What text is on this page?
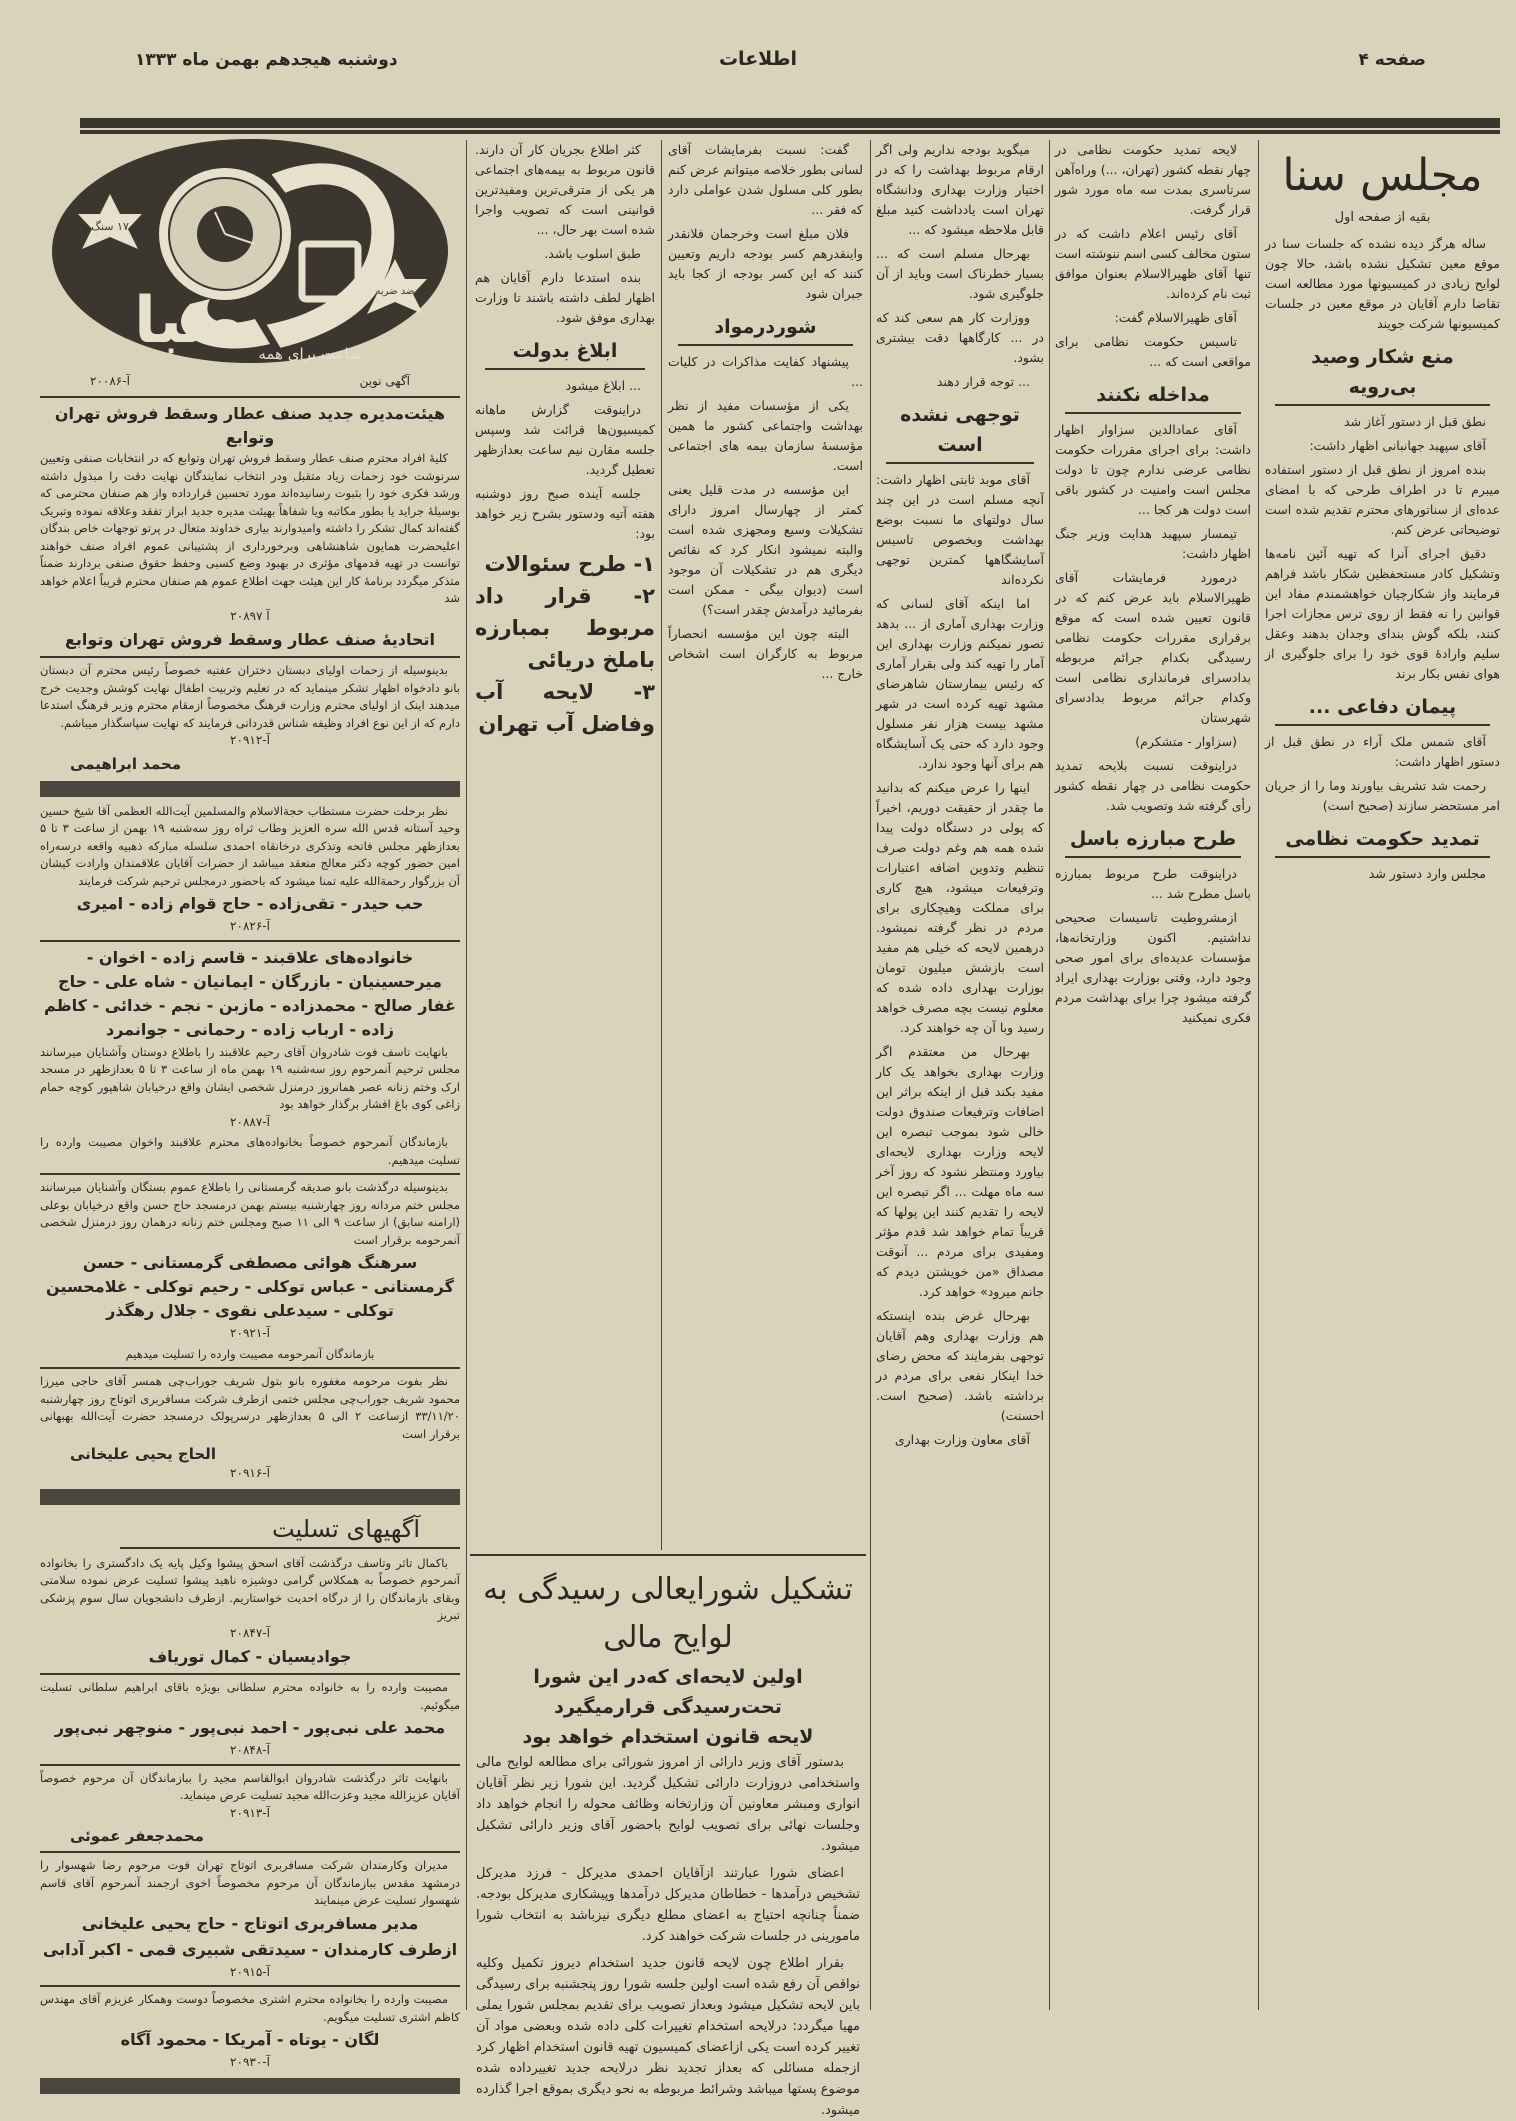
صفحه ۴
اطلاعات
دوشنبه هیجدهم بهمن ماه ۱۳۳۳
۱۷ سنگ
ضد ضربه
صبا ساعت برای همه
آگهی نوین
آ-۲۰۰۸۶
هیئت‌مدیره جدید صنف عطار وسقط فروش تهران وتوابع
کلیهٔ افراد محترم صنف عطار وسقط فروش تهران وتوابع که در انتخابات صنفی وتعیین سرنوشت خود زحمات زیاد متقبل ودر انتخاب نمایندگان نهایت دقت را مبذول داشته ورشد فکری خود را بثبوت رسانیده‌اند مورد تحسین قرارداده واز هم صنفان محترمی که بوسیلهٔ جراید یا بطور مکاتبه ویا شفاهاً بهیئت مدیره جدید ابراز تفقد وعلاقه نموده وتبریک گفته‌اند کمال تشکر را داشته وامیدوارند بیاری خداوند متعال در پرتو توجهات خاص بندگان اعلیحضرت همایون شاهنشاهی وبرخورداری از پشتیبانی عموم افراد صنف خواهند توانست در تهیه قدمهای مؤثری در بهبود وضع کسبی وحفظ حقوق صنفی بردارند ضمناً متذکر میگردد برنامهٔ کار این هیئت جهت اطلاع عموم هم صنفان محترم قریباً اعلام خواهد شد
آ ۲۰۸۹۷
اتحادیهٔ صنف عطار وسقط فروش تهران وتوابع
بدینوسیله از زحمات اولیای دبستان دختران عفتیه خصوصاً رئیس محترم آن دبستان بانو دادخواه اظهار تشکر مینماید که در تعلیم وتربیت اطفال نهایت کوشش وجدیت خرج میدهند اینک از اولیای محترم وزارت فرهنگ مخصوصاً ازمقام محترم وزیر فرهنگ استدعا دارم که از این نوع افراد وظیفه شناس قدردانی فرمایند که نهایت سپاسگذار میباشم.
آ-۲۰۹۱۲
محمد ابراهیمی
نظر برحلت حضرت مستطاب حجة‌الاسلام والمسلمین آیت‌الله العظمی آقا شیخ حسین وحید آستانه قدس الله سره العزیز وطاب ثراه روز سه‌شنبه ۱۹ بهمن از ساعت ۳ تا ۵ بعدازظهر مجلس فاتحه وتذکری درخانقاه احمدی سلسله مبارکه ذهبیه واقعه درسه‌راه امین حضور کوچه دکتر معالج منعقد میباشد از حضرات آقایان علاقمندان وارادت کیشان آن بزرگوار رحمة‌الله علیه تمنا میشود که باحضور درمجلس ترحیم شرکت فرمایند
حب حیدر - تقی‌زاده - حاج قوام زاده - امیری
آ-۲۰۸۲۶
خانواده‌های علاقبند - قاسم زاده - اخوان - میرحسینیان - بازرگان - ایمانیان - شاه علی - حاج غفار صالح - محمدزاده - مازبن - نجم - خدائی - کاظم زاده - ارباب زاده - رحمانی - جوانمرد
بانهایت تاسف فوت شادروان آقای رحیم علاقبند را باطلاع دوستان وآشنایان میرسانند مجلس ترحیم آنمرحوم روز سه‌شنبه ۱۹ بهمن ماه از ساعت ۳ تا ۵ بعدازظهر در مسجد ارک وختم زنانه عصر همانروز درمنزل شخصی ایشان واقع درخیابان شاهپور کوچه حمام زاغی کوی باغ افشار برگذار خواهد بود
آ-۲۰۸۸۷
بازماندگان آنمرحوم خصوصاً بخانواده‌های محترم علاقبند واخوان مصیبت وارده را تسلیت میدهیم.
بدینوسیله درگذشت بانو صدیقه گرمستانی را باطلاع عموم بستگان وآشنایان میرسانند مجلس ختم مردانه روز چهارشنبه بیستم بهمن درمسجد حاج حسن واقع درخیابان بوعلی (ارامنه سابق) از ساعت ۹ الی ۱۱ صبح ومجلس ختم زنانه درهمان روز درمنزل شخصی آنمرحومه برقرار است
سرهنگ هوائی مصطفی گرمستانی - حسن گرمستانی - عباس توکلی - رحیم توکلی - غلامحسین توکلی - سیدعلی نقوی - جلال رهگذر
آ-۲۰۹۲۱
بازماندگان آنمرحومه مصیبت وارده را تسلیت میدهیم
نظر بفوت مرحومه مغفوره بانو بتول شریف جوراب‌چی همسر آقای حاجی میرزا محمود شریف جوراب‌چی مجلس ختمی ازطرف شرکت مسافربری اتوتاج روز چهارشنبه ۳۳/۱۱/۲۰ ازساعت ۲ الی ۵ بعدازظهر درسرپولک درمسجد حضرت آیت‌الله بهبهانی برقرار است
الحاج یحیی علیخانی
آ-۲۰۹۱۶
آگهیهای تسلیت
باکمال تاثر وتاسف درگذشت آقای اسحق پیشوا وکیل پایه یک دادگستری را بخانواده آنمرحوم خصوصاً به همکلاس گرامی دوشیزه ناهید پیشوا تسلیت عرض نموده سلامتی وبقای بازماندگان را از درگاه احدیت خواستاریم. ازطرف دانشجویان سال سوم پزشکی تبریز
آ-۲۰۸۴۷
جوادیسیان - کمال توریاف
مصیبت وارده را به خانواده محترم سلطانی بویژه باقای ابراهیم سلطانی تسلیت میگوئیم.
محمد علی نبی‌پور - احمد نبی‌پور - منوچهر نبی‌پور
آ-۲۰۸۴۸
بانهایت تاثر درگذشت شادروان ابوالقاسم مجید را ببازماندگان آن مرحوم خصوصاً آقایان عزیزالله مجید وعزت‌الله مجید تسلیت عرض مینماید.
آ-۲۰۹۱۳
محمدجعفر عموئی
مدیران وکارمندان شرکت مسافربری اتوتاج تهران فوت مرحوم رضا شهسوار را درمشهد مقدس ببازماندگان آن مرحوم مخصوصاً اخوی ارجمند آنمرحوم آقای قاسم شهسوار تسلیت عرض مینمایند
مدیر مسافربری اتوتاج - حاج یحیی علیخانی
ازطرف کارمندان - سیدتقی شبیری قمی - اکبر آدابی
آ-۲۰۹۱۵
مصیبت وارده را بخانواده محترم اشتری مخصوصاً دوست وهمکار عزیزم آقای مهندس کاظم اشتری تسلیت میگویم.
لگان - یوتاه - آمریکا - محمود آگاه
آ-۲۰۹۳۰
مجلس سنا
بقیه از صفحه اول
ساله هرگز دیده نشده که جلسات سنا در موقع معین تشکیل نشده باشد، حالا چون لوایح زیادی در کمیسیونها مورد مطالعه است تقاضا دارم آقایان در موقع معین در جلسات کمیسیونها شرکت جویند
منع شکار وصید بی‌رویه
نطق قبل از دستور آغاز شد
آقای سپهبد جهانبانی اظهار داشت:
بنده امروز از نطق قبل از دستور استفاده میبرم تا در اطراف طرحی که با امضای عده‌ای از سناتورهای محترم تقدیم شده است توضیحاتی عرض کنم.
دقیق اجرای آنرا که تهیه آئین نامه‌ها وتشکیل کادر مستحفظین شکار باشد فراهم فرمایند واز شکارچیان خواهشمندم مفاد این قوانین را نه فقط از روی ترس مجازات اجرا کنند، بلکه گوش بندای وجدان بدهند وعقل سلیم وارادهٔ قوی خود را برای جلوگیری از هوای نفس بکار برند
پیمان دفاعی ...
آقای شمس ملک آراء در نطق قبل از دستور اظهار داشت:
رحمت شد تشریف بیاورند وما را از جریان امر مستحضر سازند (صحیح است)
تمدید حکومت نظامی
مجلس وارد دستور شد
لایحه تمدید حکومت نظامی در چهار نقطه کشور (تهران، ...) وراه‌آهن سرتاسری بمدت سه ماه مورد شور قرار گرفت.
آقای رئیس اعلام داشت که در ستون مخالف کسی اسم ننوشته است تنها آقای ظهیرالاسلام بعنوان موافق ثبت نام کرده‌اند.
آقای ظهیرالاسلام گفت:
تاسیس حکومت نظامی برای مواقعی است که ...
مداخله نکنند
آقای عمادالدین سزاوار اظهار داشت: برای اجرای مقررات حکومت نظامی عرضی ندارم چون تا دولت مجلس است وامنیت در کشور باقی است دولت هر کجا ...
تیمسار سپهبد هدایت وزیر جنگ اظهار داشت:
درمورد فرمایشات آقای ظهیرالاسلام باید عرض کنم که در قانون تعیین شده است که موقع برقراری مقررات حکومت نظامی رسیدگی بکدام جرائم مربوطه بدادسرای فرمانداری نظامی است وکدام جرائم مربوط بدادسرای شهرستان
(سزاوار - متشکرم)
دراینوقت نسبت بلایحه تمدید حکومت نظامی در چهار نقطه کشور رأی گرفته شد وتصویب شد.
طرح مبارزه باسل
دراینوقت طرح مربوط بمبارزه باسل مطرح شد ...
ازمشروطیت تاسیسات صحیحی نداشتیم. اکنون وزارتخانه‌ها، مؤسسات عدیده‌ای برای امور صحی وجود دارد، وقتی بوزارت بهداری ایراد گرفته میشود چرا برای بهداشت مردم فکری نمیکنید
میگوید بودجه نداریم ولی اگر ارقام مربوط بهداشت را که در اختیار وزارت بهداری ودانشگاه تهران است یادداشت کنید مبلغ قابل ملاحظه میشود که ...
بهرحال مسلم است که ... بسیار خطرناک است وباید از آن جلوگیری شود.
ووزارت کار هم سعی کند که در ... کارگاهها دقت بیشتری بشود.
... توجه قرار دهند
توجهی نشده است
آقای موبد ثابتی اظهار داشت: آنچه مسلم است در این چند سال دولتهای ما نسبت بوضع بهداشت وبخصوص تاسیس آسایشگاهها کمترین توجهی نکرده‌اند
اما اینکه آقای لسانی که وزارت بهداری آماری از ... بدهد تصور نمیکنم وزارت بهداری این آمار را تهیه کند ولی بقرار آماری که رئیس بیمارستان شاهرضای مشهد تهیه کرده است در شهر مشهد بیست هزار نفر مسلول وجود دارد که حتی یک آسایشگاه هم برای آنها وجود ندارد.
اینها را عرض میکنم که بدانید ما چقدر از حقیقت دوریم، اخیراً که پولی در دستگاه دولت پیدا شده همه هم وغم دولت صرف تنظیم وتدوین اضافه اعتبارات وترفیعات میشود، هیچ کاری برای مملکت وهیچکاری برای مردم در نظر گرفته نمیشود. درهمین لایحه که خیلی هم مفید است بازشش میلیون تومان بوزارت بهداری داده شده که معلوم نیست بچه مصرف خواهد رسید وبا آن چه خواهند کرد.
بهرحال من معتقدم اگر وزارت بهداری بخواهد یک کار مفید بکند قبل از اینکه براثر این اضافات وترفیعات صندوق دولت خالی شود بموجب تبصره این لایحه وزارت بهداری لایحه‌ای بیاورد ومنتظر نشود که روز آخر سه ماه مهلت ... اگر تبصره این لایحه را تقدیم کنند این پولها که قریباً تمام خواهد شد قدم مؤثر ومفیدی برای مردم ... آنوقت مصداق «من خویشتن دیدم که جانم میرود» خواهد کرد.
بهرحال غرض بنده اینستکه هم وزارت بهداری وهم آقایان توجهی بفرمایند که محض رضای خدا اینکار نفعی برای مردم در برداشته باشد. (صحیح است. احسنت)
آقای معاون وزارت بهداری
گفت: نسبت بفرمایشات آقای لسانی بطور خلاصه میتوانم عرض کنم بطور کلی مسلول شدن عواملی دارد که فقر ...
فلان مبلغ است وخرجمان فلانقدر واینقدرهم کسر بودجه داریم وتعیین کنند که این کسر بودجه از کجا باید جبران شود
شوردرمواد
پیشنهاد کفایت مذاکرات در کلیات ...
یکی از مؤسسات مفید از نظر بهداشت واجتماعی کشور ما همین مؤسسهٔ سازمان بیمه های اجتماعی است.
این مؤسسه در مدت قلیل یعنی کمتر از چهارسال امروز دارای تشکیلات وسیع ومجهزی شده است والبته نمیشود انکار کرد که نقائص دیگری هم در تشکیلات آن موجود است (دیوان بیگی - ممکن است بفرمائید درآمدش چقدر است؟)
البته چون این مؤسسه انحصاراً مربوط به کارگران است اشخاص خارج ...
کثر اطلاع بجریان کار آن دارند. قانون مربوط به بیمه‌های اجتماعی هر یکی از مترقی‌ترین ومفیدترین قوانینی است که تصویب واجرا شده است بهر حال، ...
طبق اسلوب باشد.
بنده استدعا دارم آقایان هم اظهار لطف داشته باشند تا وزارت بهداری موفق شود.
ابلاغ بدولت
... ابلاغ میشود
دراینوقت گزارش ماهانه کمیسیون‌ها قرائت شد وسپس جلسه مقارن نیم ساعت بعدازظهر تعطیل گردید.
جلسه آینده صبح روز دوشنبه هفته آتیه ودستور بشرح زیر خواهد بود:
۱- طرح سئوالات
۲- قرار داد مربوط بمبارزه باملخ دریائی
۳- لایحه آب وفاضل آب تهران
تشکیل شورایعالی رسیدگی به لوایح مالی
اولین لایحه‌ای که‌در این شورا تحت‌رسیدگی قرارمیگیرد
لایحه قانون استخدام خواهد بود
بدستور آقای وزیر دارائی از امروز شورائی برای مطالعه لوایح مالی واستخدامی دروزارت دارائی تشکیل گردید. این شورا زیر نظر آقایان انواری ومبشر معاونین آن وزارتخانه وظائف محوله را انجام خواهد داد وجلسات نهائی برای تصویب لوایح باحضور آقای وزیر دارائی تشکیل میشود.
اعضای شورا عبارتند ازآقایان احمدی مدیرکل - فرزد مدیرکل تشخیص درآمدها - خطاطان مدیرکل درآمدها وپیشکاری مدیرکل بودجه. ضمناً چنانچه احتیاج به اعضای مطلع دیگری نیزباشد به انتخاب شورا مامورینی در جلسات شرکت خواهند کرد.
بقرار اطلاع چون لایحه قانون جدید استخدام دیروز تکمیل وکلیه نواقص آن رفع شده است اولین جلسه شورا روز پنجشنبه برای رسیدگی باین لایحه تشکیل میشود وبعداز تصویب برای تقدیم بمجلس شورا یملی مهیا میگردد: درلایحه استخدام تغییرات کلی داده شده وبعضی مواد آن تغییر کرده است یکی ازاعضای کمیسیون تهیه قانون استخدام اظهار کرد ازجمله مسائلی که بعداز تجدید نظر درلایحه جدید تغییرداده شده موضوع پستها میباشد وشرائط مربوطه به نحو دیگری بموقع اجرا گذارده میشود.
